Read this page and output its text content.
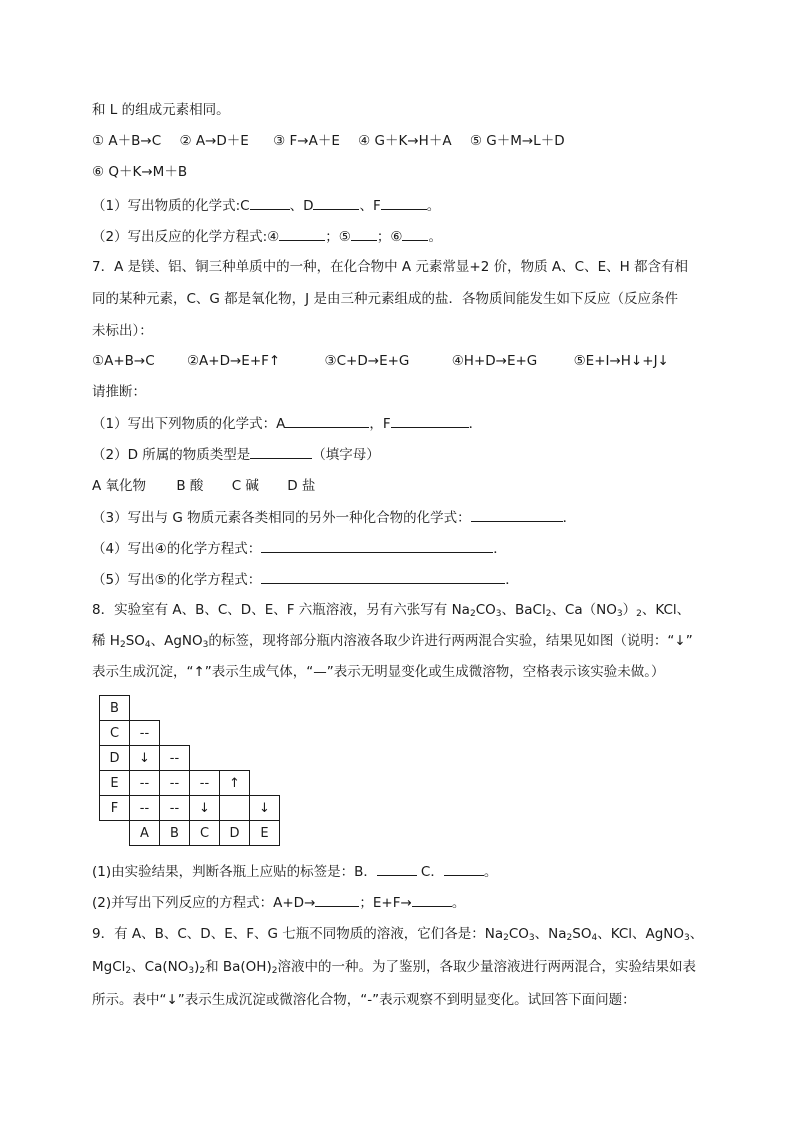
和 L 的组成元素相同。
① A＋B→C ② A→D＋E ③ F→A＋E ④ G＋K→H＋A ⑤ G＋M→L＋D
⑥ Q＋K→M＋B
（1）写出物质的化学式:C	、D	、F	。
（2）写出反应的化学方程式:④	；⑤ ；⑥ 。
7．A 是镁、铝、铜三种单质中的一种，在化合物中 A 元素常显+2 价，物质 A、C、E、H 都含有相
同的某种元素，C、G 都是氧化物，J 是由三种元素组成的盐．各物质间能发生如下反应（反应条件
未标出）：
①A+B→C ②A+D→E+F↑	③C+D→E+G	④H+D→E+G	⑤E+I→H↓+J↓
请推断：
（1）写出下列物质的化学式：A	，F	．
（2）D 所属的物质类型是	（填字母）
A 氧化物 B 酸 C 碱 D 盐
（3）写出与 G 物质元素各类相同的另外一种化合物的化学式：	．
（4）写出④的化学方程式：	．
（5）写出⑤的化学方程式：	．
8．实验室有 A、B、C、D、E、F 六瓶溶液，另有六张写有 $Na_2CO_3$、BaCl$_2$、$Ca(NO_3)_2$、KCl、
稀 $H_2SO_4$、AgNO$_3$的标签，现将部分瓶内溶液各取少许进行两两混合实验，结果见如图（说明：“↓”
表示生成沉淀，“↑”表示生成气体，“—”表示无明显变化或生成微溶物，空格表示该实验未做。）
B					
C	--				
D	↓	--			
E	--	--	--	↑	
F	--	--	↓		↓
	A	B	C	D	E
(1)由实验结果，判断各瓶上应贴的标签是：B．	C．	。
(2)并写出下列反应的方程式：A+D→	；E+F→	。
9．有 A、B、C、D、E、F、G 七瓶不同物质的溶液，它们各是：$Na_2CO_3$、$Na_2SO_4$、KCl、AgNO$_3$、
MgCl$_2$、$Ca(NO_3)_2$和 $Ba(OH)_2$溶液中的一种。为了鉴别，各取少量溶液进行两两混合，实验结果如表
所示。表中“↓”表示生成沉淀或微溶化合物，“-”表示观察不到明显变化。试回答下面问题：
